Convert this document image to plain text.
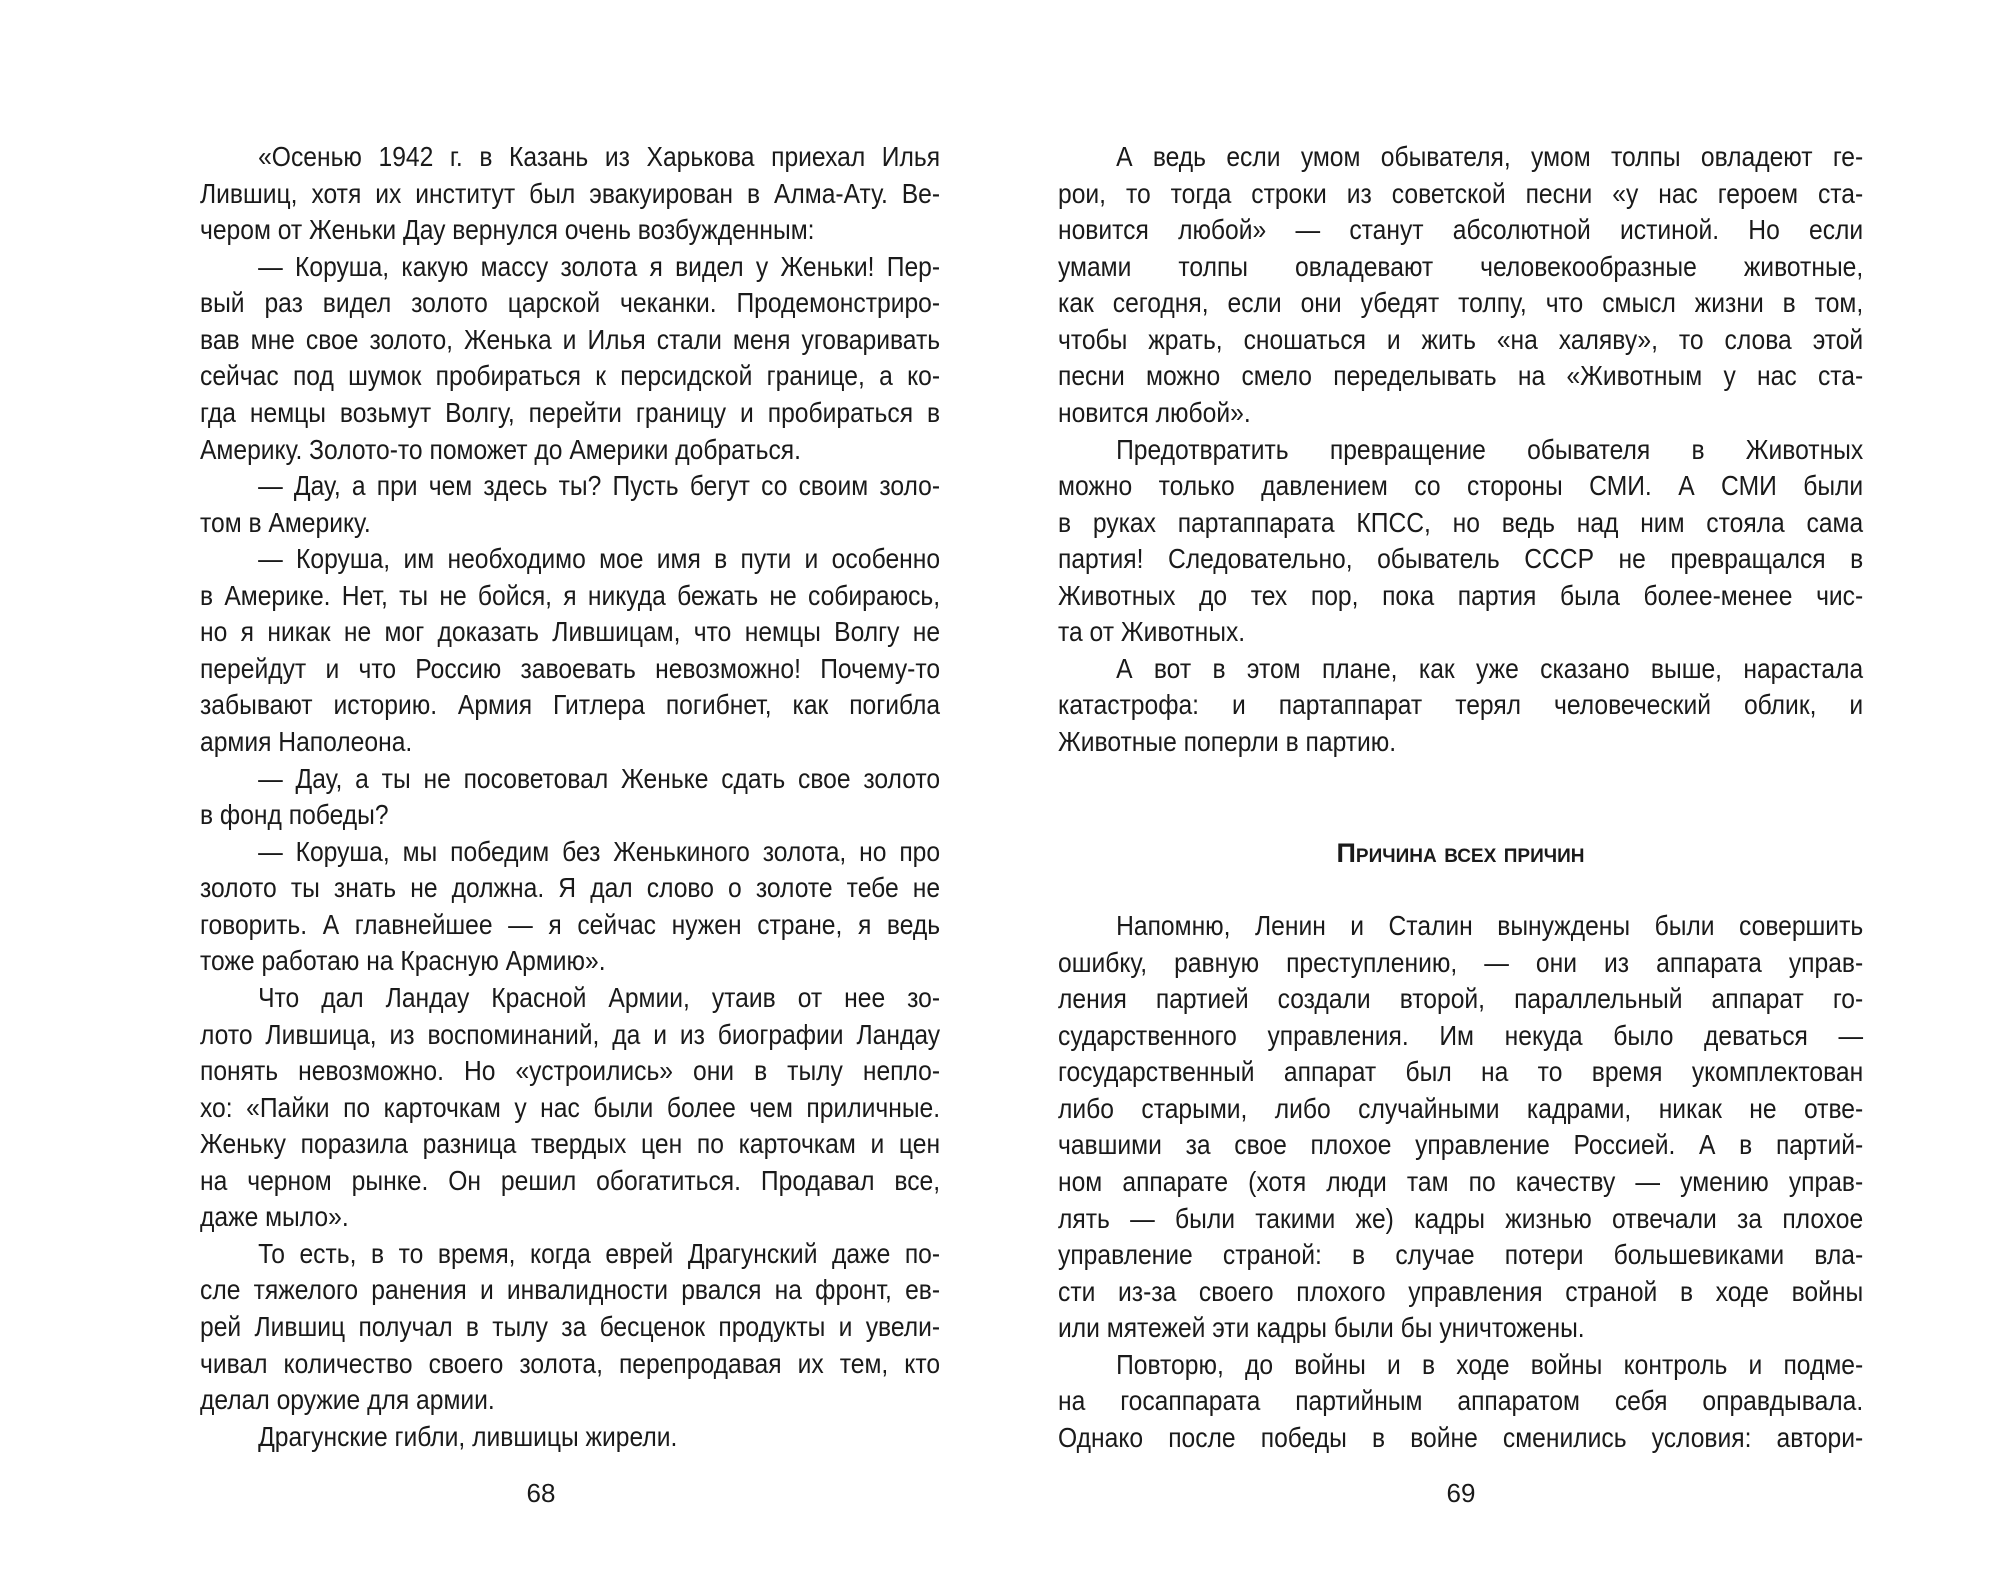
«Осенью 1942 г. в Казань из Харькова приехал Илья
Лившиц, хотя их институт был эвакуирован в Алма-Ату. Ве-
чером от Женьки Дау вернулся очень возбужденным:
— Коруша, какую массу золота я видел у Женьки! Пер-
вый раз видел золото царской чеканки. Продемонстриро-
вав мне свое золото, Женька и Илья стали меня уговаривать
сейчас под шумок пробираться к персидской границе, а ко-
гда немцы возьмут Волгу, перейти границу и пробираться в
Америку. Золото-то поможет до Америки добраться.
— Дау, а при чем здесь ты? Пусть бегут со своим золо-
том в Америку.
— Коруша, им необходимо мое имя в пути и особенно
в Америке. Нет, ты не бойся, я никуда бежать не собираюсь,
но я никак не мог доказать Лившицам, что немцы Волгу не
перейдут и что Россию завоевать невозможно! Почему-то
забывают историю. Армия Гитлера погибнет, как погибла
армия Наполеона.
— Дау, а ты не посоветовал Женьке сдать свое золото
в фонд победы?
— Коруша, мы победим без Женькиного золота, но про
золото ты знать не должна. Я дал слово о золоте тебе не
говорить. А главнейшее — я сейчас нужен стране, я ведь
тоже работаю на Красную Армию».
Что дал Ландау Красной Армии, утаив от нее зо-
лото Лившица, из воспоминаний, да и из биографии Ландау
понять невозможно. Но «устроились» они в тылу непло-
хо: «Пайки по карточкам у нас были более чем приличные.
Женьку поразила разница твердых цен по карточкам и цен
на черном рынке. Он решил обогатиться. Продавал все,
даже мыло».
То есть, в то время, когда еврей Драгунский даже по-
сле тяжелого ранения и инвалидности рвался на фронт, ев-
рей Лившиц получал в тылу за бесценок продукты и увели-
чивал количество своего золота, перепродавая их тем, кто
делал оружие для армии.
Драгунские гибли, лившицы жирели.
68
А ведь если умом обывателя, умом толпы овладеют ге-
рои, то тогда строки из советской песни «у нас героем ста-
новится любой» — станут абсолютной истиной. Но если
умами толпы овладевают человекообразные животные,
как сегодня, если они убедят толпу, что смысл жизни в том,
чтобы жрать, сношаться и жить «на халяву», то слова этой
песни можно смело переделывать на «Животным у нас ста-
новится любой».
Предотвратить превращение обывателя в Животных
можно только давлением со стороны СМИ. А СМИ были
в руках партаппарата КПСС, но ведь над ним стояла сама
партия! Следовательно, обыватель СССР не превращался в
Животных до тех пор, пока партия была более-менее чис-
та от Животных.
А вот в этом плане, как уже сказано выше, нарастала
катастрофа: и партаппарат терял человеческий облик, и
Животные поперли в партию.
Причина всех причин
Напомню, Ленин и Сталин вынуждены были совершить
ошибку, равную преступлению, — они из аппарата управ-
ления партией создали второй, параллельный аппарат го-
сударственного управления. Им некуда было деваться —
государственный аппарат был на то время укомплектован
либо старыми, либо случайными кадрами, никак не отве-
чавшими за свое плохое управление Россией. А в партий-
ном аппарате (хотя люди там по качеству — умению управ-
лять — были такими же) кадры жизнью отвечали за плохое
управление страной: в случае потери большевиками вла-
сти из-за своего плохого управления страной в ходе войны
или мятежей эти кадры были бы уничтожены.
Повторю, до войны и в ходе войны контроль и подме-
на госаппарата партийным аппаратом себя оправдывала.
Однако после победы в войне сменились условия: автори-
69
